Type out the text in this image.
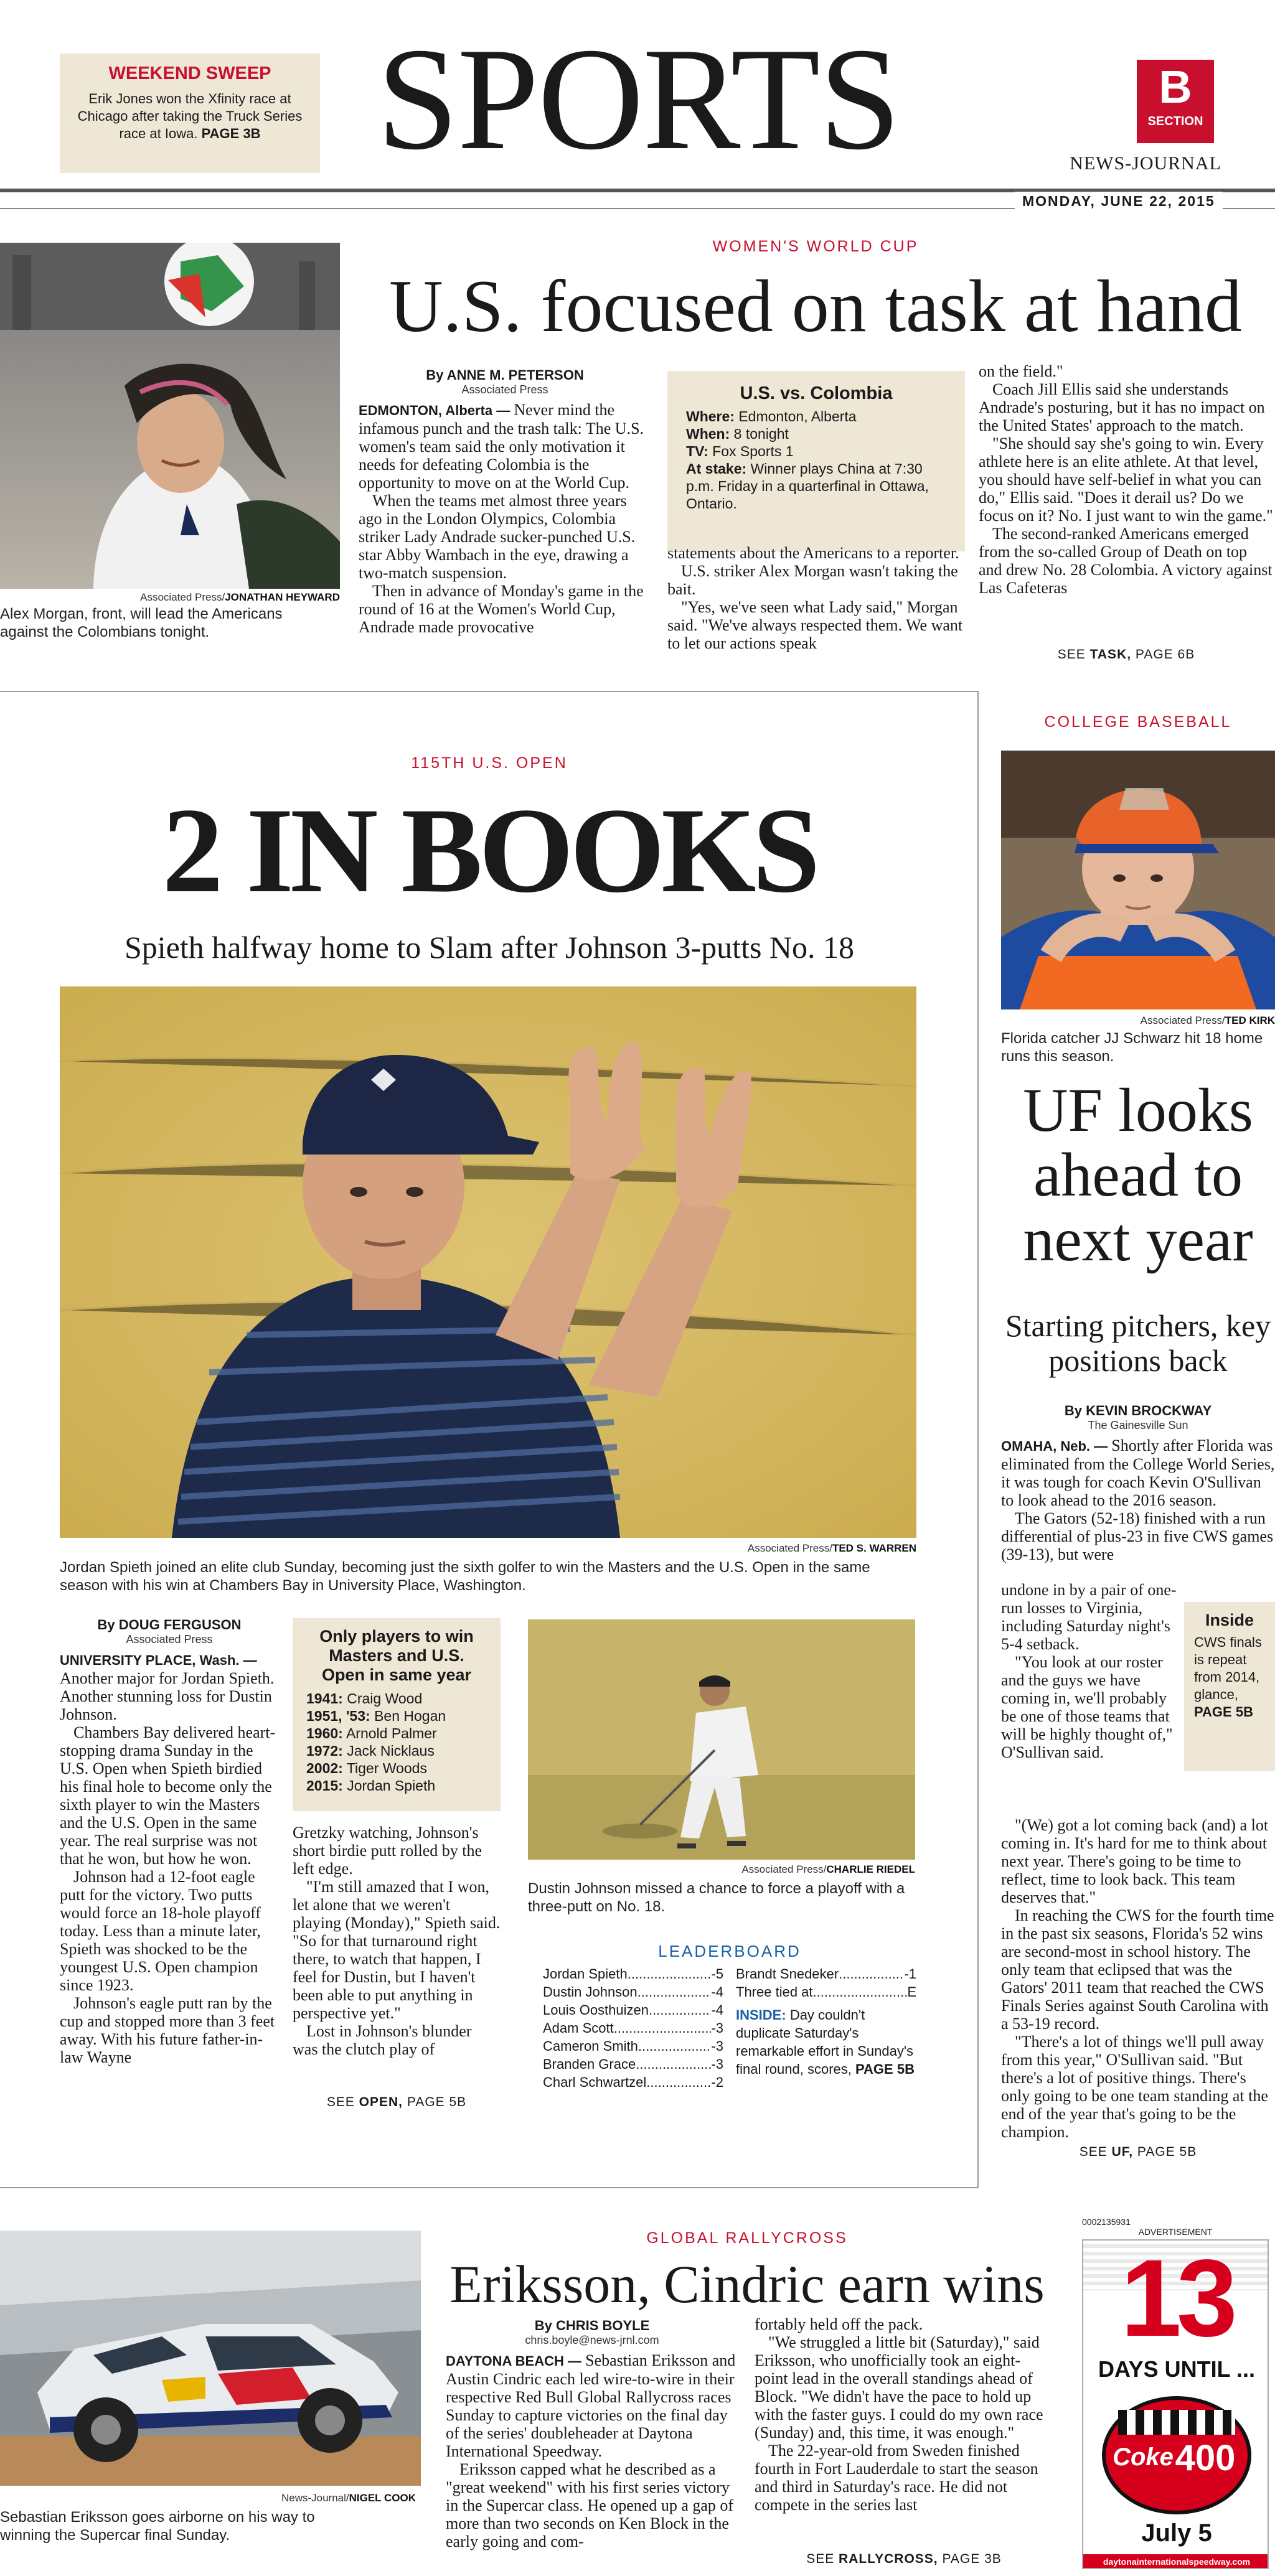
WEEKEND SWEEP
Erik Jones won the Xfinity race at Chicago after taking the Truck Series race at Iowa. PAGE 3B SPORTS	B
SECTION
NEWS-JOURNAL
MONDAY, JUNE 22, 2015
Associated Press/JONATHAN HEYWARD
Alex Morgan, front, will lead the Americans against the Colombians tonight.
WOMEN'S WORLD CUP
U.S. focused on task at hand
By ANNE M. PETERSON
Associated Press

EDMONTON, Alberta — Never mind the infamous punch and the trash talk: The U.S. women's team said the only motivation it needs for defeating Colombia is the opportunity to move on at the World Cup.

When the teams met almost three years ago in the London Olympics, Colombia striker Lady Andrade sucker-punched U.S. star Abby Wambach in the eye, drawing a two-match suspension.

Then in advance of Monday's game in the round of 16 at the Women's World Cup, Andrade made provocative

U.S. vs. Colombia
Where: Edmonton, Alberta
When: 8 tonight
TV: Fox Sports 1
At stake: Winner plays China at 7:30 p.m. Friday in a quarterfinal in Ottawa, Ontario.

statements about the Americans to a reporter.

U.S. striker Alex Morgan wasn't taking the bait.

"Yes, we've seen what Lady said," Morgan said. "We've always respected them. We want to let our actions speak

on the field."

Coach Jill Ellis said she understands Andrade's posturing, but it has no impact on the United States' approach to the match.

"She should say she's going to win. Every athlete here is an elite athlete. At that level, you should have self-belief in what you can do," Ellis said. "Does it derail us? Do we focus on it? No. I just want to win the game."

The second-ranked Americans emerged from the so-called Group of Death on top and drew No. 28 Colombia. A victory against Las Cafeteras

SEE TASK, PAGE 6B
115TH U.S. OPEN
2 IN BOOKS
Spieth halfway home to Slam after Johnson 3-putts No. 18
Associated Press/TED S. WARREN
Jordan Spieth joined an elite club Sunday, becoming just the sixth golfer to win the Masters and the U.S. Open in the same season with his win at Chambers Bay in University Place, Washington.
By DOUG FERGUSON
Associated Press

UNIVERSITY PLACE, Wash. — Another major for Jordan Spieth. Another stunning loss for Dustin Johnson.

Chambers Bay delivered heart-stopping drama Sunday in the U.S. Open when Spieth birdied his final hole to become only the sixth player to win the Masters and the U.S. Open in the same year. The real surprise was not that he won, but how he won.

Johnson had a 12-foot eagle putt for the victory. Two putts would force an 18-hole playoff today. Less than a minute later, Spieth was shocked to be the youngest U.S. Open champion since 1923.

Johnson's eagle putt ran by the cup and stopped more than 3 feet away. With his future father-in-law Wayne

Only players to win Masters and U.S. Open in same year
1941: Craig Wood
1951, '53: Ben Hogan
1960: Arnold Palmer
1972: Jack Nicklaus
2002: Tiger Woods
2015: Jordan Spieth

Gretzky watching, Johnson's short birdie putt rolled by the left edge.

"I'm still amazed that I won, let alone that we weren't playing (Monday)," Spieth said. "So for that turnaround right there, to watch that happen, I feel for Dustin, but I haven't been able to put anything in perspective yet."

Lost in Johnson's blunder was the clutch play of

SEE OPEN, PAGE 5B
Associated Press/CHARLIE RIEDEL
Dustin Johnson missed a chance to force a playoff with a three-putt on No. 18.
LEADERBOARD
Jordan Spieth .....	-5
Dustin Johnson .....	-4
Louis Oosthuizen .....	-4
Adam Scott .....	-3
Cameron Smith .....	-3
Branden Grace .....	-3
Charl Schwartzel .....	-2
Brandt Snedeker .....	-1
Three tied at .....	E
INSIDE: Day couldn't duplicate Saturday's remarkable effort in Sunday's final round, scores, PAGE 5B
COLLEGE BASEBALL
Associated Press/TED KIRK
Florida catcher JJ Schwarz hit 18 home runs this season.
UF looks ahead to next year
Starting pitchers, key positions back
By KEVIN BROCKWAY
The Gainesville Sun

OMAHA, Neb. — Shortly after Florida was eliminated from the College World Series, it was tough for coach Kevin O'Sullivan to look ahead to the 2016 season.

The Gators (52-18) finished with a run differential of plus-23 in five CWS games (39-13), but were

undone in by a pair of one-run losses to Virginia, including Saturday night's 5-4 setback.

"You look at our roster and the guys we have coming in, we'll probably be one of those teams that will be highly thought of," O'Sullivan said.

Inside
CWS finals is repeat from 2014, glance, PAGE 5B

"(We) got a lot coming back (and) a lot coming in. It's hard for me to think about next year. There's going to be time to reflect, time to look back. This team deserves that."

In reaching the CWS for the fourth time in the past six seasons, Florida's 52 wins are second-most in school history. The only team that eclipsed that was the Gators' 2011 team that reached the CWS Finals Series against South Carolina with a 53-19 record.

"There's a lot of things we'll pull away from this year," O'Sullivan said. "But there's a lot of positive things. There's only going to be one team standing at the end of the year that's going to be the champion.

SEE UF, PAGE 5B
News-Journal/NIGEL COOK
Sebastian Eriksson goes airborne on his way to winning the Supercar final Sunday.
GLOBAL RALLYCROSS
Eriksson, Cindric earn wins
By CHRIS BOYLE
chris.boyle@news-jrnl.com

DAYTONA BEACH — Sebastian Eriksson and Austin Cindric each led wire-to-wire in their respective Red Bull Global Rallycross races Sunday to capture victories on the final day of the series' doubleheader at Daytona International Speedway.

Eriksson capped what he described as a "great weekend" with his first series victory in the Supercar class. He opened up a gap of more than two seconds on Ken Block in the early going and com-

fortably held off the pack.

"We struggled a little bit (Saturday)," said Eriksson, who unofficially took an eight-point lead in the overall standings ahead of Block. "We didn't have the pace to hold up with the faster guys. I could do my own race (Sunday) and, this time, it was enough."

The 22-year-old from Sweden finished fourth in Fort Lauderdale to start the season and third in Saturday's race. He did not compete in the series last

SEE RALLYCROSS, PAGE 3B
0002135931
ADVERTISEMENT
13
DAYS UNTIL ...
Coke 400
July 5
daytonainternationalspeedway.com
